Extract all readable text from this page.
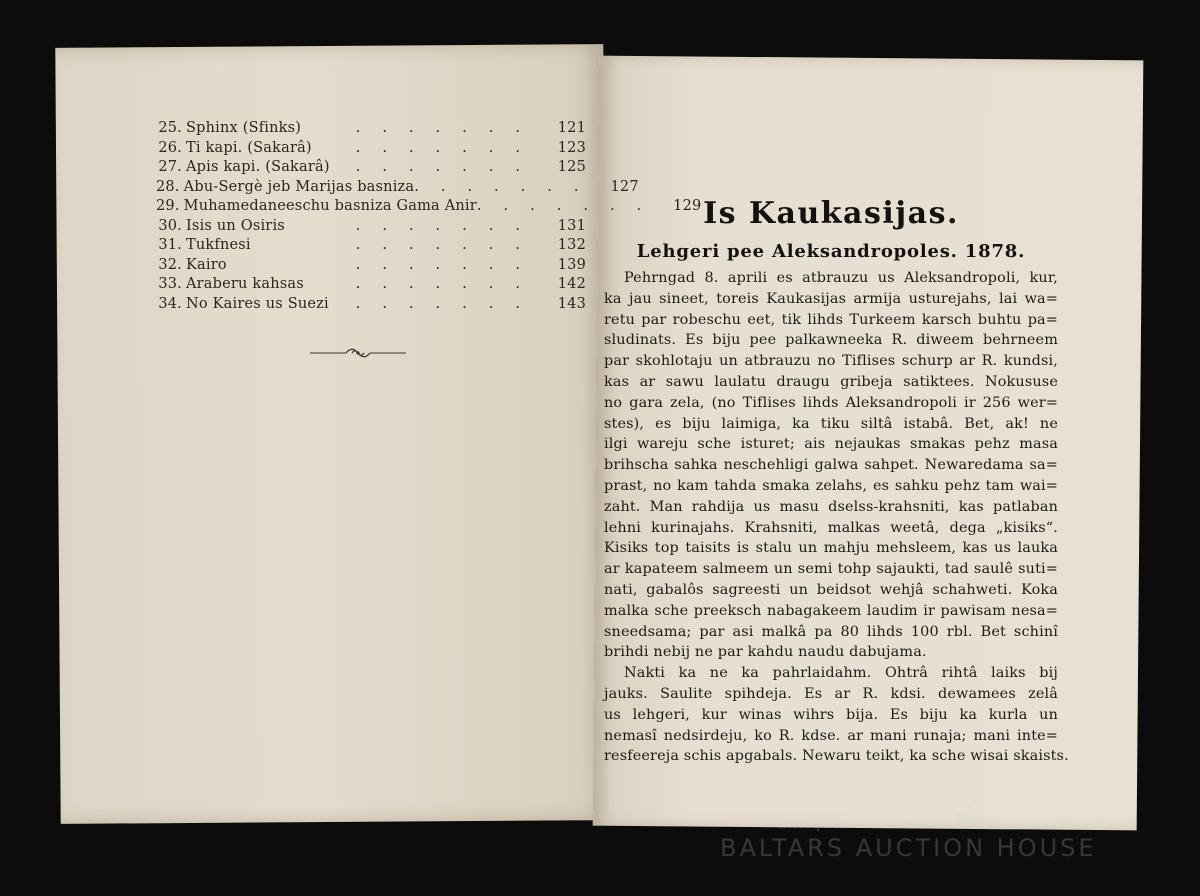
25. Sphinx (Sfinks)	.......	121
26. Ti kapi. (Sakarâ)	.......	123
27. Apis kapi. (Sakarâ)	.......	125
28. Abu-Sergè jeb Marijas basniza ....... 127
29. Muhamedaneeschu basniza Gama Anir ....... 129
30. Isis un Osiris	.......	131
31. Tukfnesi	.......	132
32. Kairo	.......	139
33. Araberu kahsas	.......	142
34. No Kaires us Suezi	.......	143
Is Kaukasijas.
Lehgeri pee Aleksandropoles. 1878.
Pehrngad 8. aprili es atbrauzu us Aleksandropoli, kur,
ka jau sineet, toreis Kaukasijas armija usturejahs, lai wa=
retu par robeschu eet, tik lihds Turkeem karsch buhtu pa=
sludinats. Es biju pee palkawneeka R. diweem behrneem
par skohlotaju un atbrauzu no Tiflises schurp ar R. kundsi,
kas ar sawu laulatu draugu gribeja satiktees. Nokususe
no gara zela, (no Tiflises lihds Aleksandropoli ir 256 wer=
stes), es biju laimiga, ka tiku siltâ istabâ. Bet, ak! ne
ilgi wareju sche isturet; ais nejaukas smakas pehz masa
brihscha sahka neschehligi galwa sahpet. Newaredama sa=
prast, no kam tahda smaka zelahs, es sahku pehz tam wai=
zaht. Man rahdija us masu dselss-krahsniti, kas patlaban
lehni kurinajahs. Krahsniti, malkas weetâ, dega „kisiks“.
Kisiks top taisits is stalu un mahju mehsleem, kas us lauka
ar kapateem salmeem un semi tohp sajaukti, tad saulê suti=
nati, gabalôs sagreesti un beidsot wehjâ schahweti. Koka
malka sche preeksch nabagakeem laudim ir pawisam nesa=
sneedsama; par asi malkâ pa 80 lihds 100 rbl. Bet schinî
brihdi nebij ne par kahdu naudu dabujama.
Nakti ka ne ka pahrlaidahm. Ohtrâ rihtâ laiks bij
jauks. Saulite spihdeja. Es ar R. kdsi. dewamees zelâ
us lehgeri, kur winas wihrs bija. Es biju ka kurla un
nemasî nedsirdeju, ko R. kdse. ar mani runaja; mani inte=
resfeereja schis apgabals. Newaru teikt, ka sche wisai skaists.
antiques and art
BALTARS AUCTION HOUSE
